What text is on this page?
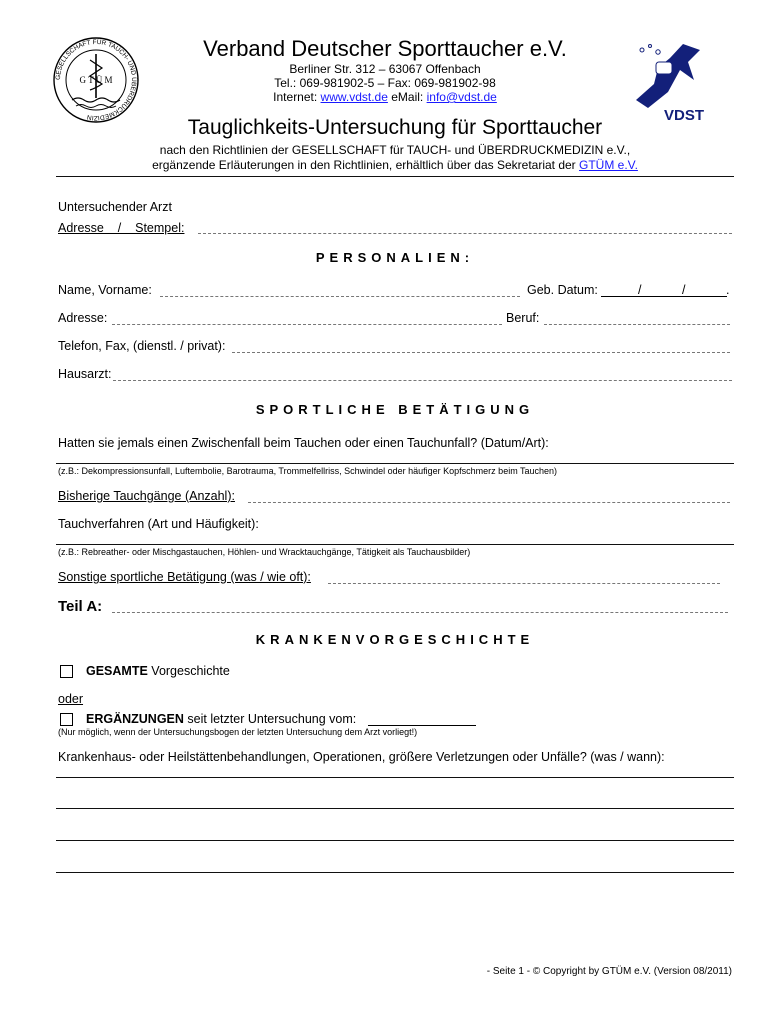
GESELLSCHAFT FÜR TAUCH- UND ÜBERDRUCKMEDIZIN
G T Ü M
VDST
Verband Deutscher Sporttaucher e.V.
Berliner Str. 312 – 63067 Offenbach
Tel.: 069-981902-5 – Fax: 069-981902-98
Internet: www.vdst.de eMail: info@vdst.de
Tauglichkeits-Untersuchung für Sporttaucher
nach den Richtlinien der GESELLSCHAFT für TAUCH- und ÜBERDRUCKMEDIZIN e.V.,
ergänzende Erläuterungen in den Richtlinien, erhältlich über das Sekretariat der GTÜM e.V.
Untersuchender Arzt
Adresse    /    Stempel:
PERSONALIEN:
Name, Vorname:	Geb. Datum:	/	/	.
Adresse:	Beruf:
Telefon, Fax, (dienstl. / privat):
Hausarzt:
SPORTLICHE BETÄTIGUNG
Hatten sie jemals einen Zwischenfall beim Tauchen oder einen Tauchunfall? (Datum/Art):
(z.B.: Dekompressionsunfall, Luftembolie, Barotrauma, Trommelfellriss, Schwindel oder häufiger Kopfschmerz beim Tauchen)
Bisherige Tauchgänge (Anzahl):
Tauchverfahren (Art und Häufigkeit):
(z.B.: Rebreather- oder Mischgastauchen, Höhlen- und Wracktauchgänge, Tätigkeit als Tauchausbilder)
Sonstige sportliche Betätigung (was / wie oft):
Teil A:
KRANKENVORGESCHICHTE
GESAMTE Vorgeschichte
oder
ERGÄNZUNGEN seit letzter Untersuchung vom:
(Nur möglich, wenn der Untersuchungsbogen der letzten Untersuchung dem Arzt vorliegt!)
Krankenhaus- oder Heilstättenbehandlungen, Operationen, größere Verletzungen oder Unfälle? (was / wann):
- Seite 1 - © Copyright by GTÜM e.V. (Version 08/2011)
